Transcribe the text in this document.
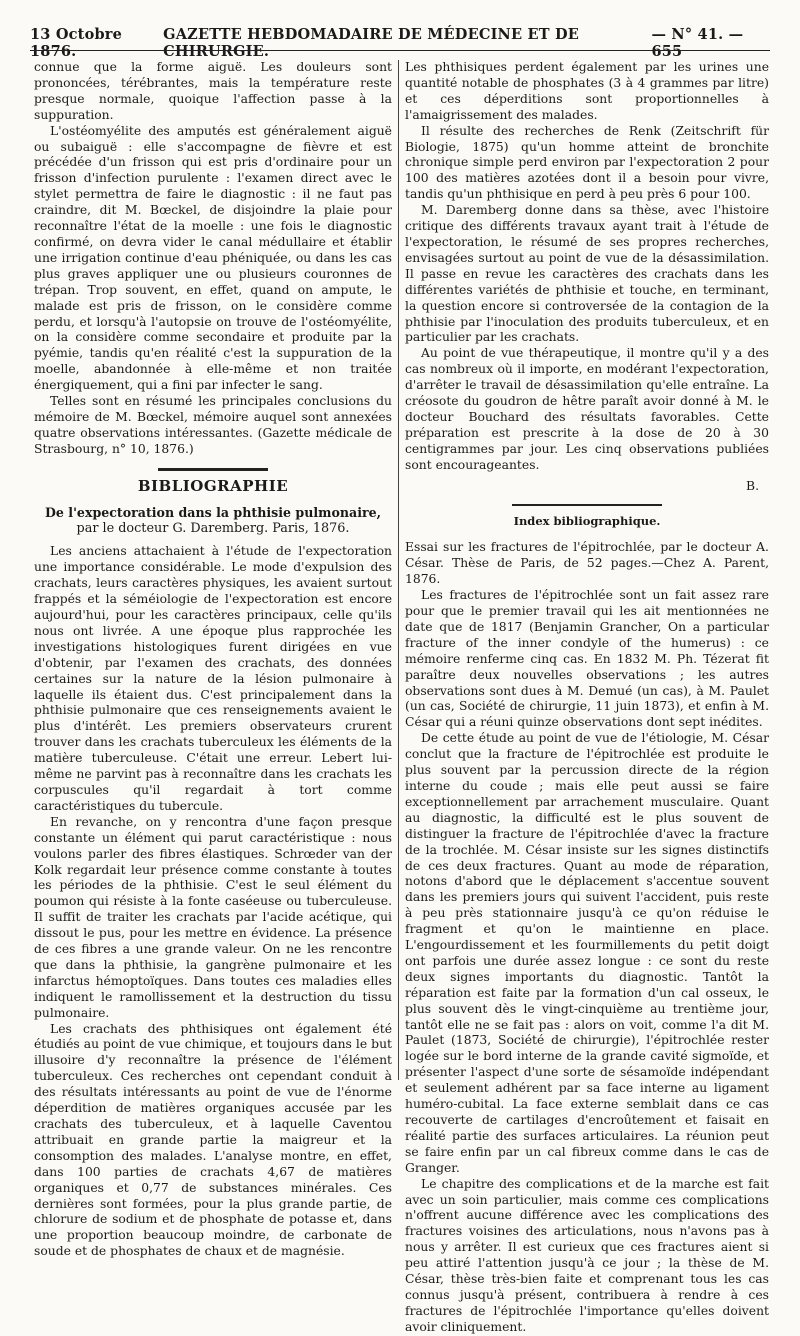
13 Octobre 1876.
GAZETTE HEBDOMADAIRE DE MÉDECINE ET DE CHIRURGIE.
— N° 41. — 655

connue que la forme aiguë. Les douleurs sont prononcées, térébrantes, mais la température reste presque normale, quoique l'affection passe à la suppuration.

L'ostéomyélite des amputés est généralement aiguë ou subaiguë : elle s'accompagne de fièvre et est précédée d'un frisson qui est pris d'ordinaire pour un frisson d'infection purulente : l'examen direct avec le stylet permettra de faire le diagnostic : il ne faut pas craindre, dit M. Bœckel, de disjoindre la plaie pour reconnaître l'état de la moelle : une fois le diagnostic confirmé, on devra vider le canal médullaire et établir une irrigation continue d'eau phéniquée, ou dans les cas plus graves appliquer une ou plusieurs couronnes de trépan. Trop souvent, en effet, quand on ampute, le malade est pris de frisson, on le considère comme perdu, et lorsqu'à l'autopsie on trouve de l'ostéomyélite, on la considère comme secondaire et produite par la pyémie, tandis qu'en réalité c'est la suppuration de la moelle, abandonnée à elle-même et non traitée énergiquement, qui a fini par infecter le sang.

Telles sont en résumé les principales conclusions du mémoire de M. Bœckel, mémoire auquel sont annexées quatre observations intéressantes. (Gazette médicale de Strasbourg, n° 10, 1876.)

BIBLIOGRAPHIE
De l'expectoration dans la phthisie pulmonaire,
par le docteur G. Daremberg. Paris, 1876.

Les anciens attachaient à l'étude de l'expectoration une importance considérable. Le mode d'expulsion des crachats, leurs caractères physiques, les avaient surtout frappés et la séméiologie de l'expectoration est encore aujourd'hui, pour les caractères principaux, celle qu'ils nous ont livrée. A une époque plus rapprochée les investigations histologiques furent dirigées en vue d'obtenir, par l'examen des crachats, des données certaines sur la nature de la lésion pulmonaire à laquelle ils étaient dus. C'est principalement dans la phthisie pulmonaire que ces renseignements avaient le plus d'intérêt. Les premiers observateurs crurent trouver dans les crachats tuberculeux les éléments de la matière tuberculeuse. C'était une erreur. Lebert lui-même ne parvint pas à reconnaître dans les crachats les corpuscules qu'il regardait à tort comme caractéristiques du tubercule.

En revanche, on y rencontra d'une façon presque constante un élément qui parut caractéristique : nous voulons parler des fibres élastiques. Schrœder van der Kolk regardait leur présence comme constante à toutes les périodes de la phthisie. C'est le seul élément du poumon qui résiste à la fonte caséeuse ou tuberculeuse. Il suffit de traiter les crachats par l'acide acétique, qui dissout le pus, pour les mettre en évidence. La présence de ces fibres a une grande valeur. On ne les rencontre que dans la phthisie, la gangrène pulmonaire et les infarctus hémoptoïques. Dans toutes ces maladies elles indiquent le ramollissement et la destruction du tissu pulmonaire.

Les crachats des phthisiques ont également été étudiés au point de vue chimique, et toujours dans le but illusoire d'y reconnaître la présence de l'élément tuberculeux. Ces recherches ont cependant conduit à des résultats intéressants au point de vue de l'énorme déperdition de matières organiques accusée par les crachats des tuberculeux, et à laquelle Caventou attribuait en grande partie la maigreur et la consomption des malades. L'analyse montre, en effet, dans 100 parties de crachats 4,67 de matières organiques et 0,77 de substances minérales. Ces dernières sont formées, pour la plus grande partie, de chlorure de sodium et de phosphate de potasse et, dans une proportion beaucoup moindre, de carbonate de soude et de phosphates de chaux et de magnésie.

Les phthisiques perdent également par les urines une quantité notable de phosphates (3 à 4 grammes par litre) et ces déperditions sont proportionnelles à l'amaigrissement des malades.

Il résulte des recherches de Renk (Zeitschrift für Biologie, 1875) qu'un homme atteint de bronchite chronique simple perd environ par l'expectoration 2 pour 100 des matières azotées dont il a besoin pour vivre, tandis qu'un phthisique en perd à peu près 6 pour 100.

M. Daremberg donne dans sa thèse, avec l'histoire critique des différents travaux ayant trait à l'étude de l'expectoration, le résumé de ses propres recherches, envisagées surtout au point de vue de la désassimilation. Il passe en revue les caractères des crachats dans les différentes variétés de phthisie et touche, en terminant, la question encore si controversée de la contagion de la phthisie par l'inoculation des produits tuberculeux, et en particulier par les crachats.

Au point de vue thérapeutique, il montre qu'il y a des cas nombreux où il importe, en modérant l'expectoration, d'arrêter le travail de désassimilation qu'elle entraîne. La créosote du goudron de hêtre paraît avoir donné à M. le docteur Bouchard des résultats favorables. Cette préparation est prescrite à la dose de 20 à 30 centigrammes par jour. Les cinq observations publiées sont encourageantes.

B.
Index bibliographique.

Essai sur les fractures de l'épitrochlée, par le docteur A. César. Thèse de Paris, de 52 pages.—Chez A. Parent, 1876.

Les fractures de l'épitrochlée sont un fait assez rare pour que le premier travail qui les ait mentionnées ne date que de 1817 (Benjamin Grancher, On a particular fracture of the inner condyle of the humerus) : ce mémoire renferme cinq cas. En 1832 M. Ph. Tézerat fit paraître deux nouvelles observations ; les autres observations sont dues à M. Demué (un cas), à M. Paulet (un cas, Société de chirurgie, 11 juin 1873), et enfin à M. César qui a réuni quinze observations dont sept inédites.

De cette étude au point de vue de l'étiologie, M. César conclut que la fracture de l'épitrochlée est produite le plus souvent par la percussion directe de la région interne du coude ; mais elle peut aussi se faire exceptionnellement par arrachement musculaire. Quant au diagnostic, la difficulté est le plus souvent de distinguer la fracture de l'épitrochlée d'avec la fracture de la trochlée. M. César insiste sur les signes distinctifs de ces deux fractures. Quant au mode de réparation, notons d'abord que le déplacement s'accentue souvent dans les premiers jours qui suivent l'accident, puis reste à peu près stationnaire jusqu'à ce qu'on réduise le fragment et qu'on le maintienne en place. L'engourdissement et les fourmillements du petit doigt ont parfois une durée assez longue : ce sont du reste deux signes importants du diagnostic. Tantôt la réparation est faite par la formation d'un cal osseux, le plus souvent dès le vingt-cinquième au trentième jour, tantôt elle ne se fait pas : alors on voit, comme l'a dit M. Paulet (1873, Société de chirurgie), l'épitrochlée rester logée sur le bord interne de la grande cavité sigmoïde, et présenter l'aspect d'une sorte de sésamoïde indépendant et seulement adhérent par sa face interne au ligament huméro-cubital. La face externe semblait dans ce cas recouverte de cartilages d'encroûtement et faisait en réalité partie des surfaces articulaires. La réunion peut se faire enfin par un cal fibreux comme dans le cas de Granger.

Le chapitre des complications et de la marche est fait avec un soin particulier, mais comme ces complications n'offrent aucune différence avec les complications des fractures voisines des articulations, nous n'avons pas à nous y arrêter. Il est curieux que ces fractures aient si peu attiré l'attention jusqu'à ce jour ; la thèse de M. César, thèse très-bien faite et comprenant tous les cas connus jusqu'à présent, contribuera à rendre à ces fractures de l'épitrochlée l'importance qu'elles doivent avoir cliniquement.
